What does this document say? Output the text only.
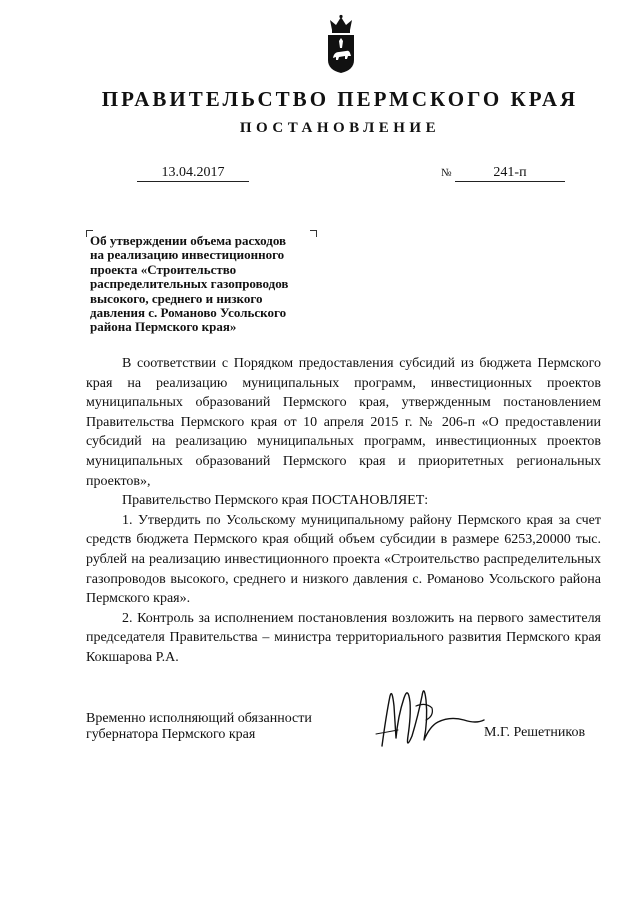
ПРАВИТЕЛЬСТВО ПЕРМСКОГО КРАЯ
ПОСТАНОВЛЕНИЕ
13.04.2017	№	241-п
Об утверждении объема расходов
на реализацию инвестиционного
проекта «Строительство
распределительных газопроводов
высокого, среднего и низкого
давления с. Романово Усольского
района Пермского края»

В соответствии с Порядком предоставления субсидий из бюджета Пермского края на реализацию муниципальных программ, инвестиционных проектов муниципальных образований Пермского края, утвержденным постановлением Правительства Пермского края от 10 апреля 2015 г. № 206-п «О предоставлении субсидий на реализацию муниципальных программ, инвестиционных проектов муниципальных образований Пермского края и приоритетных региональных проектов»,

Правительство Пермского края ПОСТАНОВЛЯЕТ:

1. Утвердить по Усольскому муниципальному району Пермского края за счет средств бюджета Пермского края общий объем субсидии в размере 6253,20000 тыс. рублей на реализацию инвестиционного проекта «Строительство распределительных газопроводов высокого, среднего и низкого давления с. Романово Усольского района Пермского края».

2. Контроль за исполнением постановления возложить на первого заместителя председателя Правительства – министра территориального развития Пермского края Кокшарова Р.А.

Временно исполняющий обязанности
губернатора Пермского края	М.Г. Решетников
